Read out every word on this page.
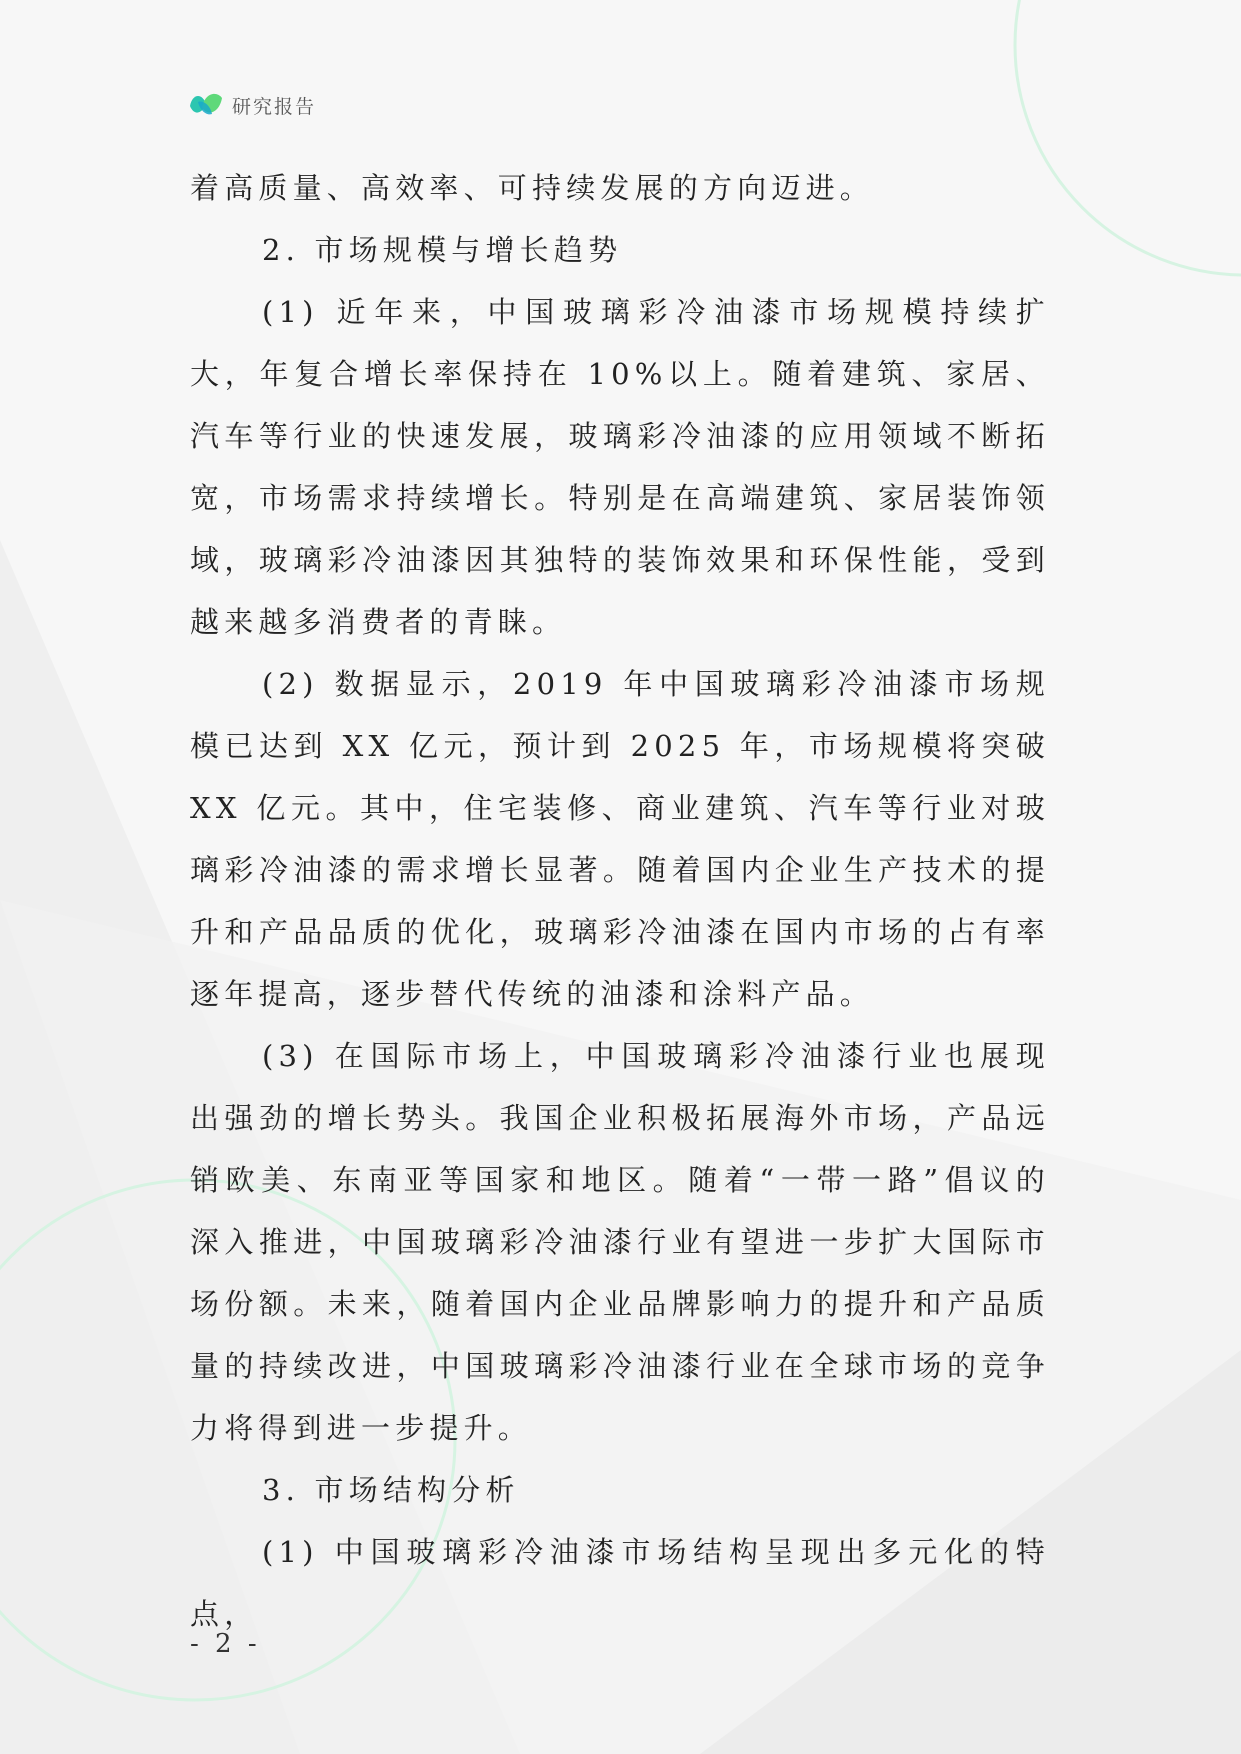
研究报告

着高质量、高效率、可持续发展的方向迈进。

2. 市场规模与增长趋势

(1) 近年来，中国玻璃彩冷油漆市场规模持续扩大，年复合增长率保持在 10%以上。随着建筑、家居、汽车等行业的快速发展，玻璃彩冷油漆的应用领域不断拓宽，市场需求持续增长。特别是在高端建筑、家居装饰领域，玻璃彩冷油漆因其独特的装饰效果和环保性能，受到越来越多消费者的青睐。

(2) 数据显示，2019 年中国玻璃彩冷油漆市场规模已达到 XX 亿元，预计到 2025 年，市场规模将突破 XX 亿元。其中，住宅装修、商业建筑、汽车等行业对玻璃彩冷油漆的需求增长显著。随着国内企业生产技术的提升和产品品质的优化，玻璃彩冷油漆在国内市场的占有率逐年提高，逐步替代传统的油漆和涂料产品。

(3) 在国际市场上，中国玻璃彩冷油漆行业也展现出强劲的增长势头。我国企业积极拓展海外市场，产品远销欧美、东南亚等国家和地区。随着“一带一路”倡议的深入推进，中国玻璃彩冷油漆行业有望进一步扩大国际市场份额。未来，随着国内企业品牌影响力的提升和产品质量的持续改进，中国玻璃彩冷油漆行业在全球市场的竞争力将得到进一步提升。

3. 市场结构分析

(1) 中国玻璃彩冷油漆市场结构呈现出多元化的特点，

- 2 -
